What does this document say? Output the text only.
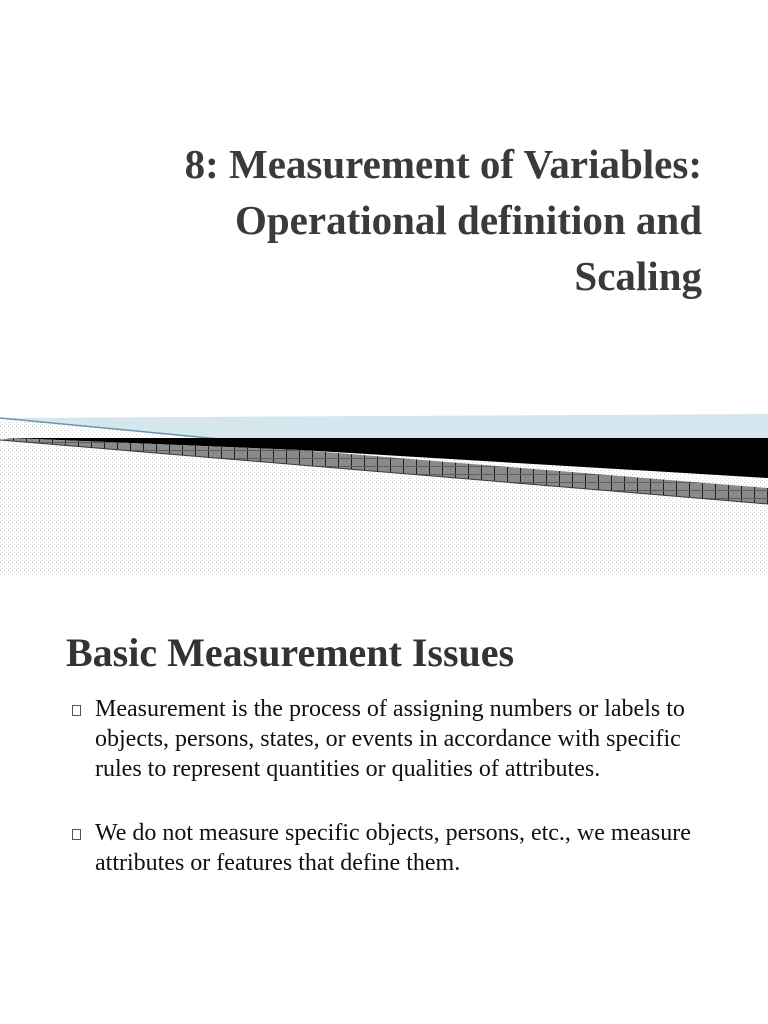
8: Measurement of Variables:
Operational definition and
Scaling
Basic Measurement Issues
Measurement is the process of assigning numbers or labels to objects, persons, states, or events in accordance with specific rules to represent quantities or qualities of attributes.
We do not measure specific objects, persons, etc., we measure attributes or features that define them.
